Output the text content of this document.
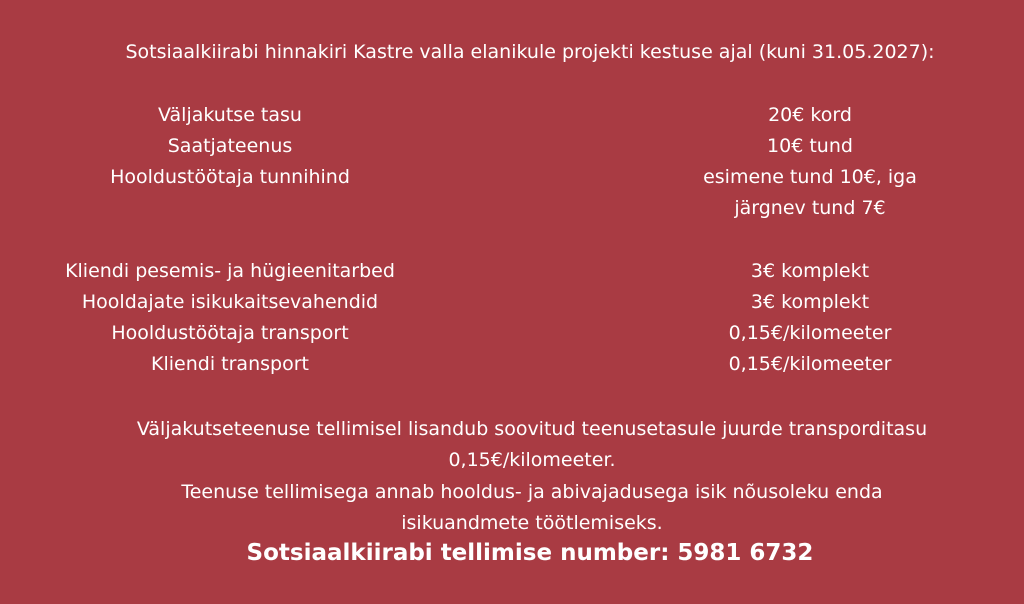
Sotsiaalkiirabi hinnakiri Kastre valla elanikule projekti kestuse ajal (kuni 31.05.2027):
Väljakutse tasu
Saatjateenus
Hooldustöötaja tunnihind
20€ kord
10€ tund
esimene tund 10€, iga
järgnev tund 7€
Kliendi pesemis- ja hügieenitarbed
Hooldajate isikukaitsevahendid
Hooldustöötaja transport
Kliendi transport
3€ komplekt
3€ komplekt
0,15€/kilomeeter
0,15€/kilomeeter
Väljakutseteenuse tellimisel lisandub soovitud teenusetasule juurde transporditasu
0,15€/kilomeeter.
Teenuse tellimisega annab hooldus- ja abivajadusega isik nõusoleku enda
isikuandmete töötlemiseks.
Sotsiaalkiirabi tellimise number: 5981 6732
